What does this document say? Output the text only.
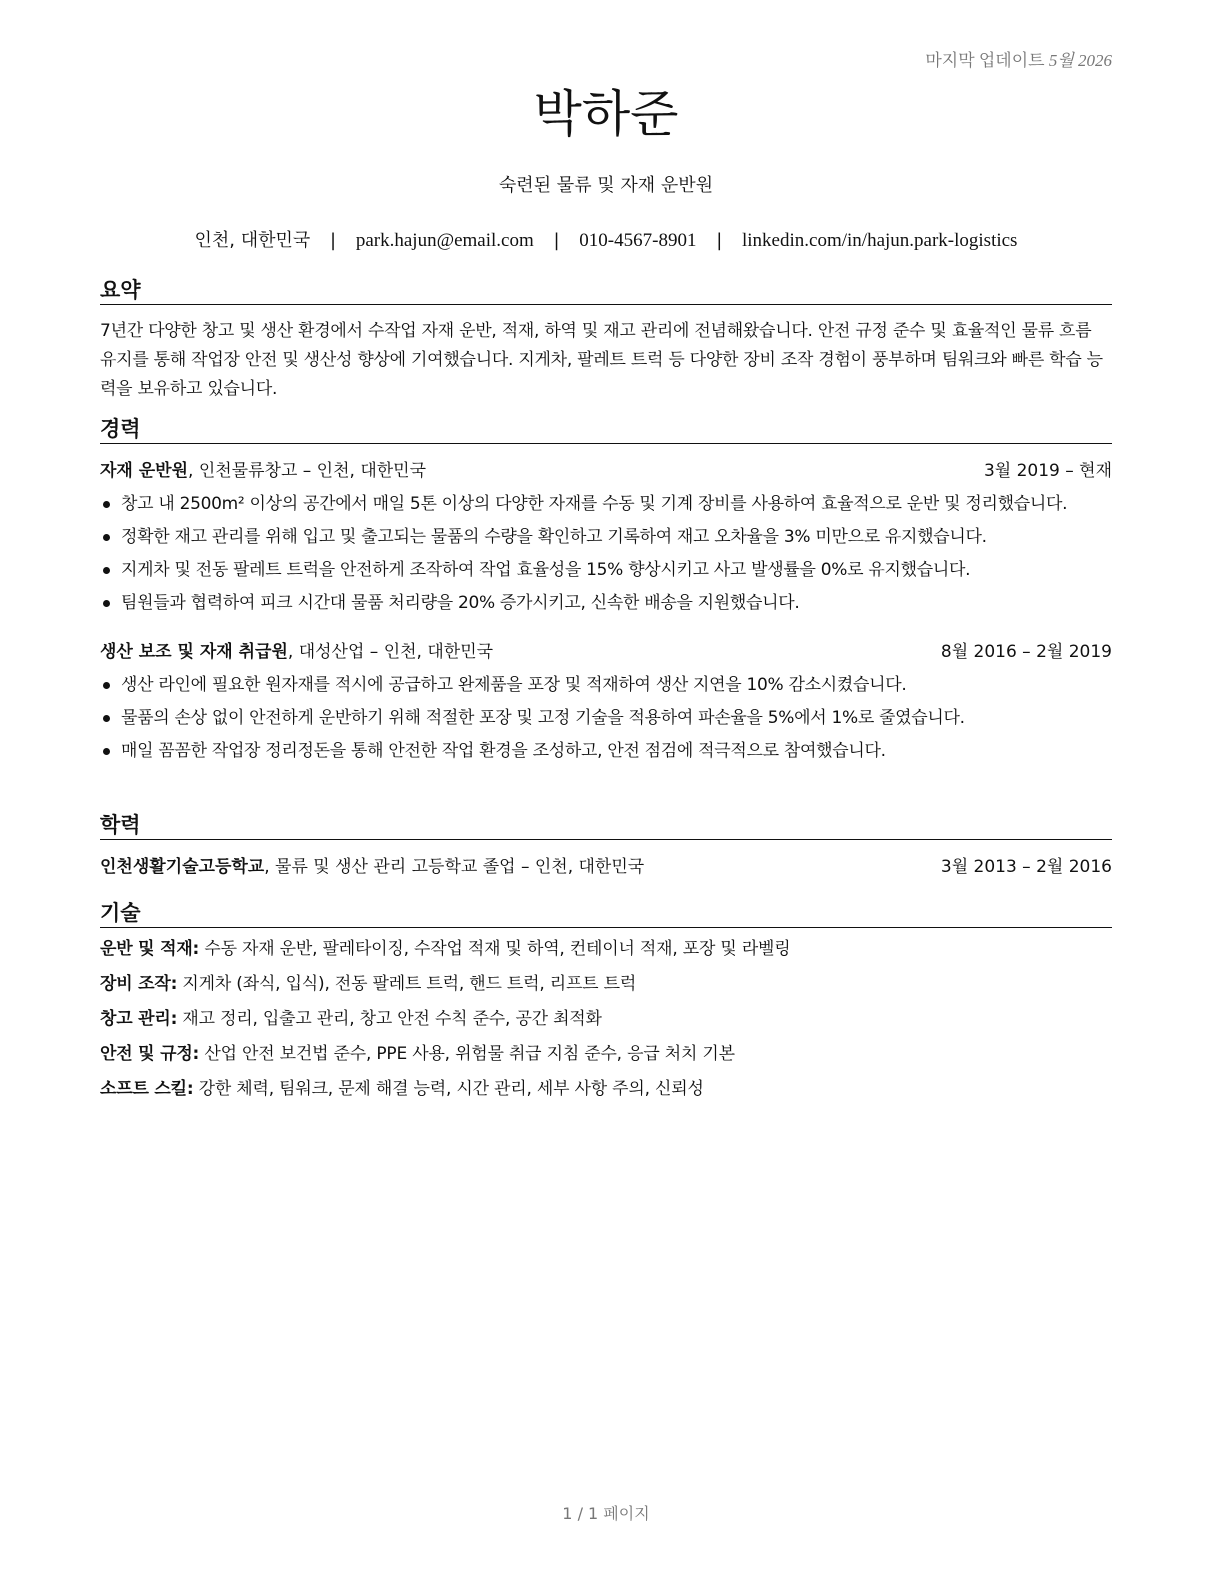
마지막 업데이트 5월 2026
박하준
숙련된 물류 및 자재 운반원
인천, 대한민국 | park.hajun@email.com | 010-4567-8901 | linkedin.com/in/hajun.park-logistics
요약
7년간 다양한 창고 및 생산 환경에서 수작업 자재 운반, 적재, 하역 및 재고 관리에 전념해왔습니다. 안전 규정 준수 및 효율적인 물류 흐름 유지를 통해 작업장 안전 및 생산성 향상에 기여했습니다. 지게차, 팔레트 트럭 등 다양한 장비 조작 경험이 풍부하며 팀워크와 빠른 학습 능력을 보유하고 있습니다.
경력
자재 운반원, 인천물류창고 – 인천, 대한민국	3월 2019 – 현재
창고 내 2500m² 이상의 공간에서 매일 5톤 이상의 다양한 자재를 수동 및 기계 장비를 사용하여 효율적으로 운반 및 정리했습니다.
정확한 재고 관리를 위해 입고 및 출고되는 물품의 수량을 확인하고 기록하여 재고 오차율을 3% 미만으로 유지했습니다.
지게차 및 전동 팔레트 트럭을 안전하게 조작하여 작업 효율성을 15% 향상시키고 사고 발생률을 0%로 유지했습니다.
팀원들과 협력하여 피크 시간대 물품 처리량을 20% 증가시키고, 신속한 배송을 지원했습니다.
생산 보조 및 자재 취급원, 대성산업 – 인천, 대한민국	8월 2016 – 2월 2019
생산 라인에 필요한 원자재를 적시에 공급하고 완제품을 포장 및 적재하여 생산 지연을 10% 감소시켰습니다.
물품의 손상 없이 안전하게 운반하기 위해 적절한 포장 및 고정 기술을 적용하여 파손율을 5%에서 1%로 줄였습니다.
매일 꼼꼼한 작업장 정리정돈을 통해 안전한 작업 환경을 조성하고, 안전 점검에 적극적으로 참여했습니다.
학력
인천생활기술고등학교, 물류 및 생산 관리 고등학교 졸업 – 인천, 대한민국	3월 2013 – 2월 2016
기술
운반 및 적재: 수동 자재 운반, 팔레타이징, 수작업 적재 및 하역, 컨테이너 적재, 포장 및 라벨링
장비 조작: 지게차 (좌식, 입식), 전동 팔레트 트럭, 핸드 트럭, 리프트 트럭
창고 관리: 재고 정리, 입출고 관리, 창고 안전 수칙 준수, 공간 최적화
안전 및 규정: 산업 안전 보건법 준수, PPE 사용, 위험물 취급 지침 준수, 응급 처치 기본
소프트 스킬: 강한 체력, 팀워크, 문제 해결 능력, 시간 관리, 세부 사항 주의, 신뢰성
1 / 1 페이지
